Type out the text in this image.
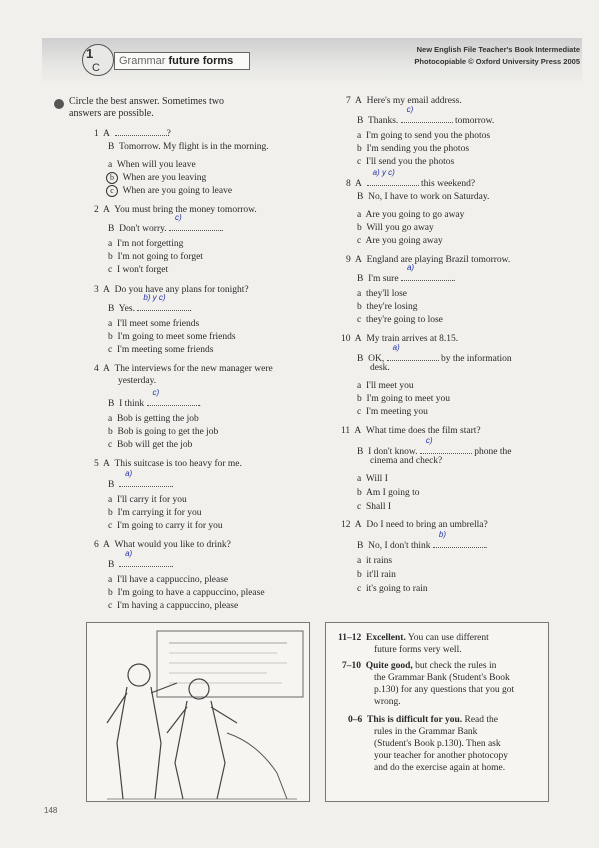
1
C
Grammar future forms
New English File Teacher's Book Intermediate
Photocopiable © Oxford University Press 2005
Circle the best answer. Sometimes two
answers are possible.
1 A	?
B Tomorrow. My flight is in the morning.
a When will you leave
b When are you leaving
c When are you going to leave
2 A You must bring the money tomorrow.
B Don't worry.
c)
.
a I'm not forgetting
b I'm not going to forget
c I won't forget
3 A Do you have any plans for tonight?
B Yes.
b) y c)
.
a I'll meet some friends
b I'm going to meet some friends
c I'm meeting some friends
4 A The interviews for the new manager were
yesterday.
B I think
c)
.
a Bob is getting the job
b Bob is going to get the job
c Bob will get the job
5 A This suitcase is too heavy for me.
B
a)
.
a I'll carry it for you
b I'm carrying it for you
c I'm going to carry it for you
6 A What would you like to drink?
B
a)
.
a I'll have a cappuccino, please
b I'm going to have a cappuccino, please
c I'm having a cappuccino, please
7 A Here's my email address.
B Thanks.
c)
tomorrow.
a I'm going to send you the photos
b I'm sending you the photos
c I'll send you the photos
8 A
a) y c)
this weekend?
B No, I have to work on Saturday.
a Are you going to go away
b Will you go away
c Are you going away
9 A England are playing Brazil tomorrow.
B I'm sure
a)
.
a they'll lose
b they're losing
c they're going to lose
10 A My train arrives at 8.15.
B OK,
a)
by the information
desk.
a I'll meet you
b I'm going to meet you
c I'm meeting you
11 A What time does the film start?
B I don't know.
c)
phone the
cinema and check?
a Will I
b Am I going to
c Shall I
12 A Do I need to bring an umbrella?
B No, I don't think
b)
.
a it rains
b it'll rain
c it's going to rain
11–12 Excellent. You can use different
future forms very well.
7–10 Quite good, but check the rules in
the Grammar Bank (Student's Book
p.130) for any questions that you got
wrong.
0–6 This is difficult for you. Read the
rules in the Grammar Bank
(Student's Book p.130). Then ask
your teacher for another photocopy
and do the exercise again at home.
148
